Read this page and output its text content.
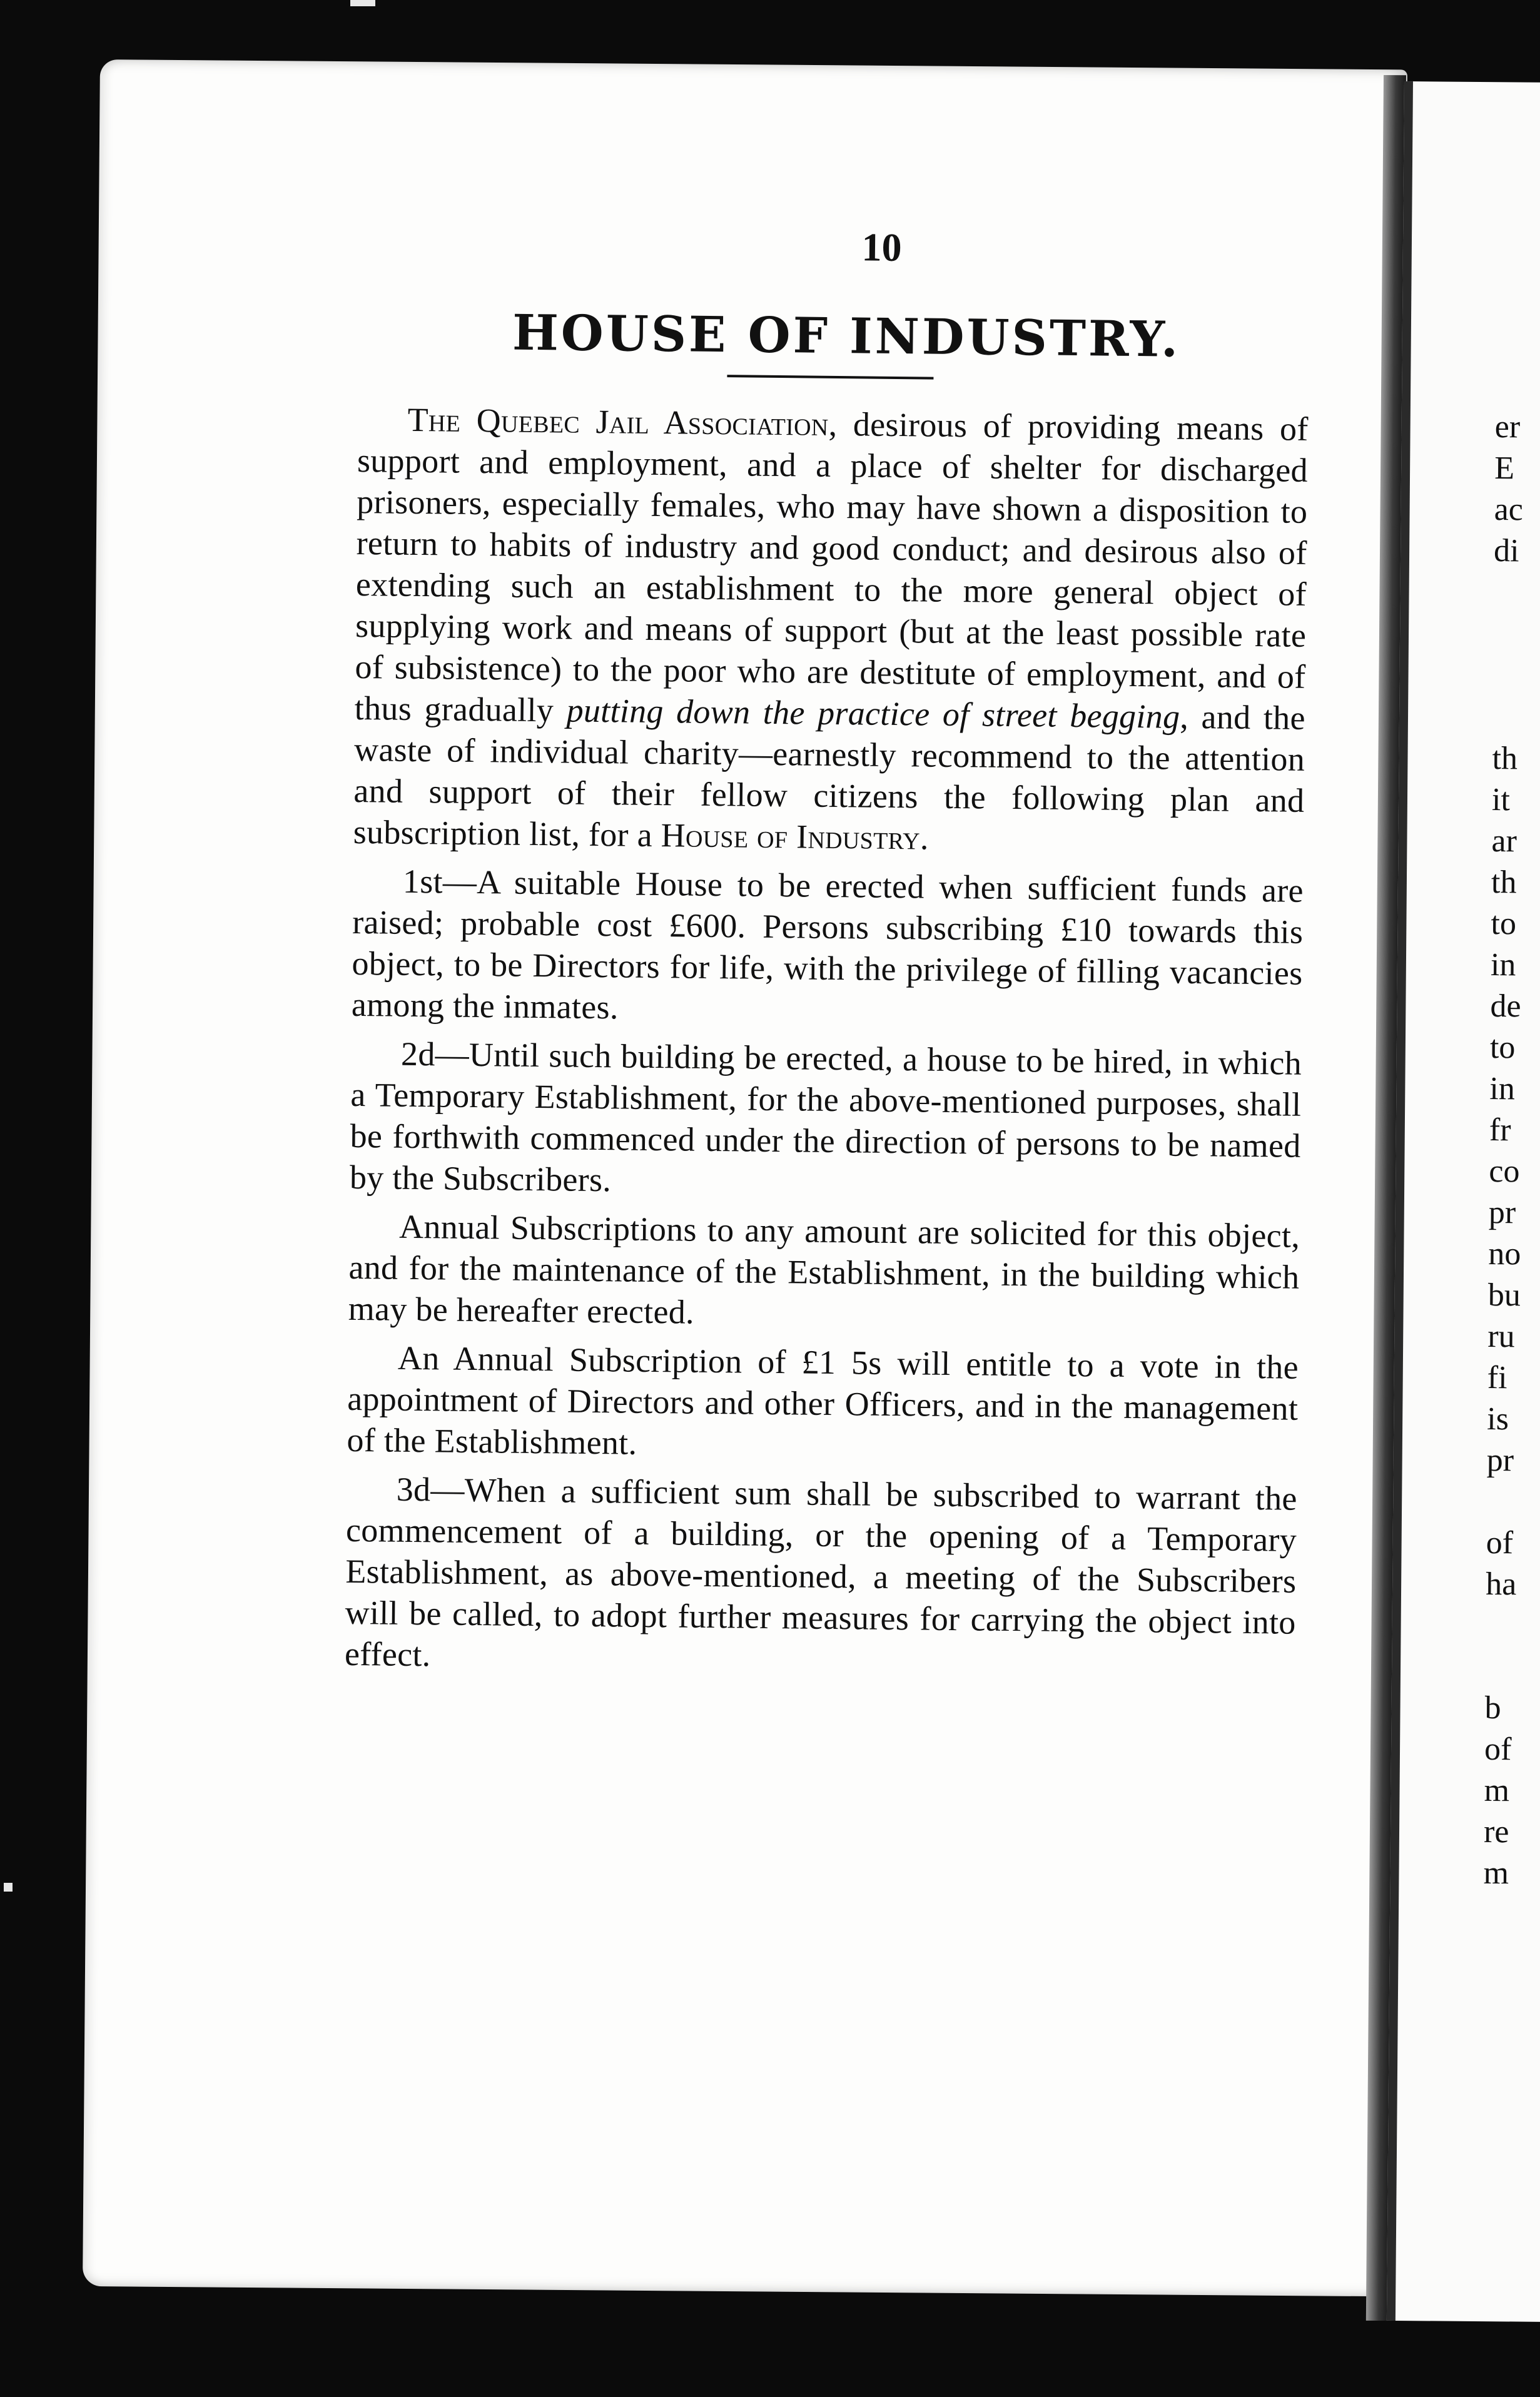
10
HOUSE OF INDUSTRY.

The Quebec Jail Association, desirous of providing means of support and employment, and a place of shelter for discharged prisoners, especially females, who may have shown a disposition to return to habits of industry and good conduct; and desirous also of extending such an establishment to the more general object of supplying work and means of support (but at the least possible rate of subsistence) to the poor who are destitute of employment, and of thus gradually putting down the practice of street begging, and the waste of individual charity—earnestly recommend to the attention and support of their fellow citizens the following plan and subscription list, for a House of Industry.

1st—A suitable House to be erected when sufficient funds are raised; probable cost £600. Persons subscribing £10 towards this object, to be Directors for life, with the privilege of filling vacancies among the inmates.

2d—Until such building be erected, a house to be hired, in which a Temporary Establishment, for the above-mentioned purposes, shall be forthwith commenced under the direction of persons to be named by the Subscribers.

Annual Subscriptions to any amount are solicited for this object, and for the maintenance of the Establishment, in the building which may be hereafter erected.

An Annual Subscription of £1 5s will entitle to a vote in the appointment of Directors and other Officers, and in the management of the Establishment.

3d—When a sufficient sum shall be subscribed to warrant the commencement of a building, or the opening of a Temporary Establishment, as above-mentioned, a meeting of the Subscribers will be called, to adopt further measures for carrying the object into effect.

er
E
ac
di
th
it
ar
th
to
in
de
to
in
fr
co
pr
no
bu
ru
fi
is
pr
of
ha
b
of
m
re
m
